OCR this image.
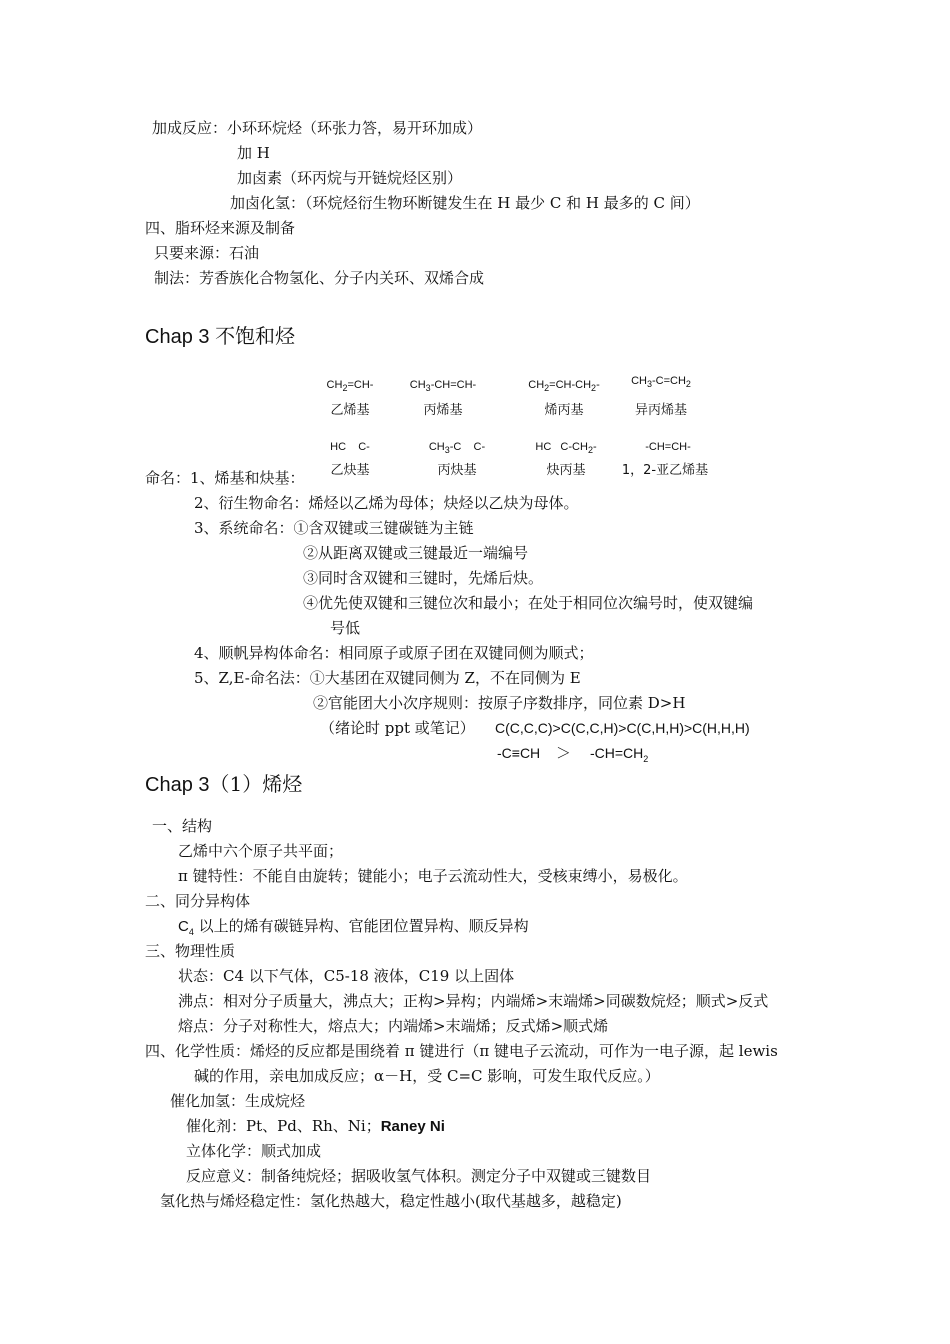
加成反应：小环环烷烃（环张力答，易开环加成）
加 H
加卤素（环丙烷与开链烷烃区别）
加卤化氢：（环烷烃衍生物环断键发生在 H 最少 C 和 H 最多的 C 间）
四、脂环烃来源及制备
只要来源：石油
制法：芳香族化合物氢化、分子内关环、双烯合成
Chap 3 不饱和烃
$CH_2=CH-$
乙烯基
$CH_3-CH=CH-$
丙烯基
$CH_2=CH-CH_2-$
烯丙基
$CH_3-C=CH_2$
异丙烯基
HC    C-
乙炔基
$CH_3-C$    C-
丙炔基
HC   $C-CH_2-$
炔丙基
-CH=CH-
1，2-亚乙烯基
命名：1、烯基和炔基：
2、衍生物命名：烯烃以乙烯为母体；炔烃以乙炔为母体。
3、系统命名：①含双键或三键碳链为主链
②从距离双键或三键最近一端编号
③同时含双键和三键时，先烯后炔。
④优先使双键和三键位次和最小；在处于相同位次编号时，使双键编
号低
4、顺帆异构体命名：相同原子或原子团在双键同侧为顺式；
5、Z,E-命名法：①大基团在双键同侧为 Z，不在同侧为 E
②官能团大小次序规则：按原子序数排序，同位素 D>H
（绪论时 ppt 或笔记） C(C,C,C)>C(C,C,H)>C(C,H,H)>C(H,H,H)
$-C\equiv CH > -CH=CH_2$
Chap 3（1）烯烃
一、结构
乙烯中六个原子共平面；
π 键特性：不能自由旋转；键能小；电子云流动性大，受核束缚小，易极化。
二、同分异构体
$C_4$ 以上的烯有碳链异构、官能团位置异构、顺反异构
三、物理性质
状态：C4 以下气体，C5-18 液体，C19 以上固体
沸点：相对分子质量大，沸点大；正构>异构；内端烯>末端烯>同碳数烷烃；顺式>反式
熔点：分子对称性大，熔点大；内端烯>末端烯；反式烯>顺式烯
四、化学性质：烯烃的反应都是围绕着 π 键进行（π 键电子云流动，可作为一电子源，起 lewis
碱的作用，亲电加成反应；α－H，受 C=C 影响，可发生取代反应。）
催化加氢：生成烷烃
催化剂：Pt、Pd、Rh、Ni；Raney Ni
立体化学：顺式加成
反应意义：制备纯烷烃；据吸收氢气体积。测定分子中双键或三键数目
氢化热与烯烃稳定性：氢化热越大，稳定性越小(取代基越多，越稳定)
